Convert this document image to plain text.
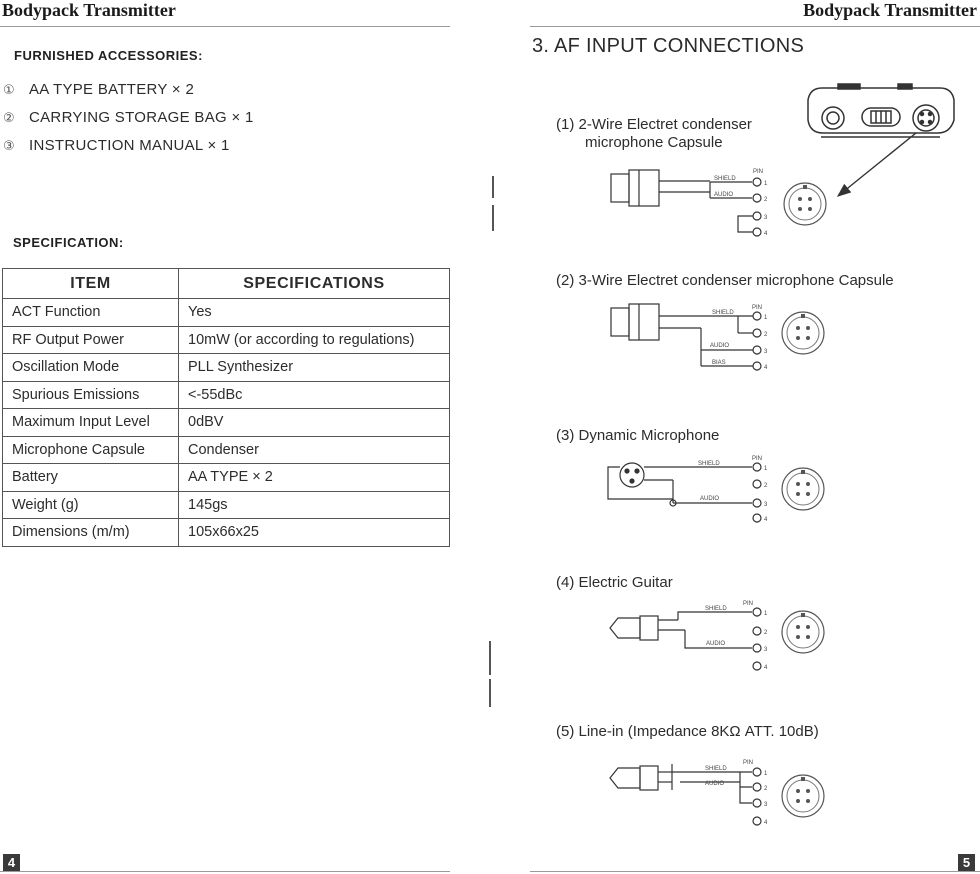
Bodypack Transmitter
FURNISHED ACCESSORIES:
① AA TYPE BATTERY × 2
② CARRYING STORAGE BAG × 1
③ INSTRUCTION MANUAL × 1
SPECIFICATION:
ITEM	SPECIFICATIONS
ACT Function	Yes
RF Output Power	10mW (or according to regulations)
Oscillation Mode	PLL Synthesizer
Spurious Emissions	<-55dBc
Maximum Input Level	0dBV
Microphone Capsule	Condenser
Battery	AA TYPE × 2
Weight (g)	145gs
Dimensions (m/m)	105x66x25
4
Bodypack Transmitter
3. AF INPUT CONNECTIONS
(1) 2-Wire Electret condenser
microphone Capsule
(2) 3-Wire Electret condenser microphone Capsule
(3) Dynamic Microphone
(4) Electric Guitar
(5) Line-in (Impedance 8KΩ ATT. 10dB)
SHIELD
AUDIO
PIN
1
2
3
4
SHIELD
AUDIO
BIAS
PIN
1
2
3
4
SHIELD
AUDIO
PIN
1
2
3
4
SHIELD
AUDIO
PIN
1
2
3
4
SHIELD
AUDIO
PIN
1
2
3
4
5
